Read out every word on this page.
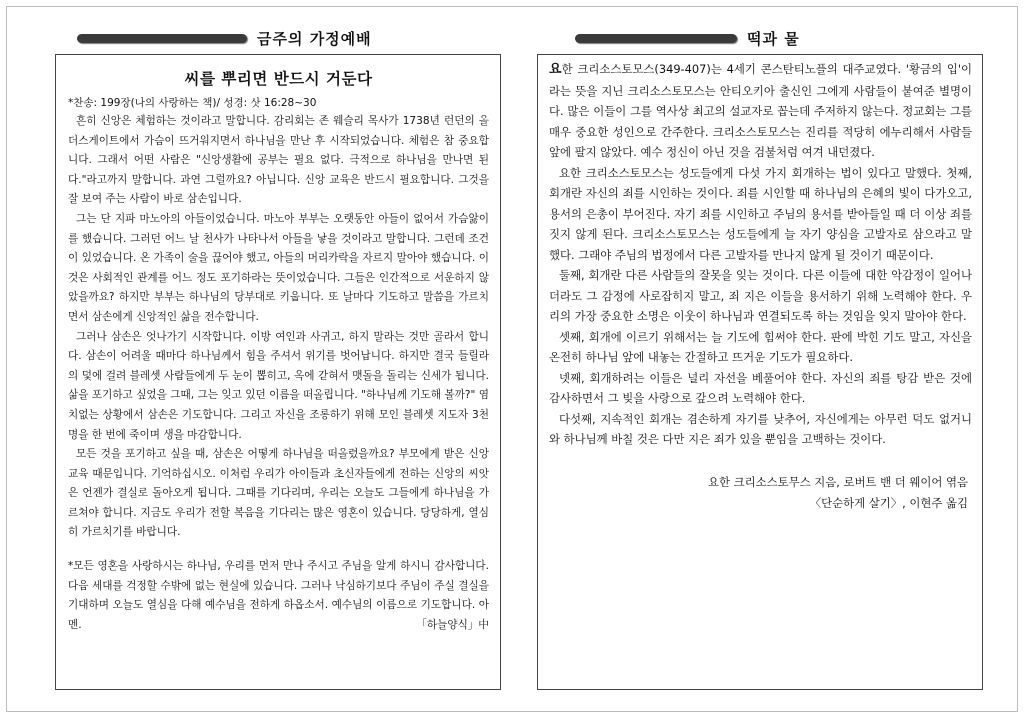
금주의 가정예배	떡과 물
씨를 뿌리면 반드시 거둔다

*찬송: 199장(나의 사랑하는 책)/ 성경: 삿 16:28~30

흔히 신앙은 체험하는 것이라고 말합니다. 감리회는 존 웨슬리 목사가 1738년 런던의 올더스게이트에서 가슴이 뜨거워지면서 하나님을 만난 후 시작되었습니다. 체험은 참 중요합니다. 그래서 어떤 사람은 "신앙생활에 공부는 필요 없다. 극적으로 하나님을 만나면 된다."라고까지 말합니다. 과연 그럴까요? 아닙니다. 신앙 교육은 반드시 필요합니다. 그것을 잘 보여 주는 사람이 바로 삼손입니다.

그는 단 지파 마노아의 아들이었습니다. 마노아 부부는 오랫동안 아들이 없어서 가슴앓이를 했습니다. 그러던 어느 날 천사가 나타나서 아들을 낳을 것이라고 말합니다. 그런데 조건이 있었습니다. 온 가족이 술을 끊어야 했고, 아들의 머리카락을 자르지 말아야 했습니다. 이것은 사회적인 관계를 어느 정도 포기하라는 뜻이었습니다. 그들은 인간적으로 서운하지 않았을까요? 하지만 부부는 하나님의 당부대로 키웁니다. 또 날마다 기도하고 말씀을 가르치면서 삼손에게 신앙적인 삶을 전수합니다.

그러나 삼손은 엇나가기 시작합니다. 이방 여인과 사귀고, 하지 말라는 것만 골라서 합니다. 삼손이 어려울 때마다 하나님께서 힘을 주셔서 위기를 벗어납니다. 하지만 결국 들릴라의 덫에 걸려 블레셋 사람들에게 두 눈이 뽑히고, 옥에 갇혀서 맷돌을 돌리는 신세가 됩니다. 삶을 포기하고 싶었을 그때, 그는 잊고 있던 이름을 떠올립니다. "하나님께 기도해 볼까?" 염치없는 상황에서 삼손은 기도합니다. 그리고 자신을 조롱하기 위해 모인 블레셋 지도자 3천 명을 한 번에 죽이며 생을 마감합니다.

모든 것을 포기하고 싶을 때, 삼손은 어떻게 하나님을 떠올렸을까요? 부모에게 받은 신앙 교육 때문입니다. 기억하십시오. 이처럼 우리가 아이들과 초신자들에게 전하는 신앙의 씨앗은 언젠가 결실로 돌아오게 됩니다. 그때를 기다리며, 우리는 오늘도 그들에게 하나님을 가르쳐야 합니다. 지금도 우리가 전할 복음을 기다리는 많은 영혼이 있습니다. 당당하게, 열심히 가르치기를 바랍니다.

*모든 영혼을 사랑하시는 하나님, 우리를 먼저 만나 주시고 주님을 알게 하시니 감사합니다. 다음 세대를 걱정할 수밖에 없는 현실에 있습니다. 그러나 낙심하기보다 주님이 주실 결실을 기대하며 오늘도 열심을 다해 예수님을 전하게 하옵소서. 예수님의 이름으로 기도합니다. 아멘.	「하늘양식」中

요한 크리소스토모스(349-407)는 4세기 콘스탄티노플의 대주교였다. '황금의 입'이라는 뜻을 지닌 크리소스토모스는 안티오키아 출신인 그에게 사람들이 붙여준 별명이다. 많은 이들이 그를 역사상 최고의 설교자로 꼽는데 주저하지 않는다. 정교회는 그를 매우 중요한 성인으로 간주한다. 크리소스토모스는 진리를 적당히 에누리해서 사람들 앞에 팔지 않았다. 예수 정신이 아닌 것을 검불처럼 여겨 내던졌다.

요한 크리소스토모스는 성도들에게 다섯 가지 회개하는 법이 있다고 말했다. 첫째, 회개란 자신의 죄를 시인하는 것이다. 죄를 시인할 때 하나님의 은혜의 빛이 다가오고, 용서의 은총이 부어진다. 자기 죄를 시인하고 주님의 용서를 받아들일 때 더 이상 죄를 짓지 않게 된다. 크리소스토모스는 성도들에게 늘 자기 양심을 고발자로 삼으라고 말했다. 그래야 주님의 법정에서 다른 고발자를 만나지 않게 될 것이기 때문이다.

둘째, 회개란 다른 사람들의 잘못을 잊는 것이다. 다른 이들에 대한 악감정이 일어나더라도 그 감정에 사로잡히지 말고, 죄 지은 이들을 용서하기 위해 노력해야 한다. 우리의 가장 중요한 소명은 이웃이 하나님과 연결되도록 하는 것임을 잊지 말아야 한다.

셋째, 회개에 이르기 위해서는 늘 기도에 힘써야 한다. 판에 박힌 기도 말고, 자신을 온전히 하나님 앞에 내놓는 간절하고 뜨거운 기도가 필요하다.

넷째, 회개하려는 이들은 널리 자선을 베풀어야 한다. 자신의 죄를 탕감 받은 것에 감사하면서 그 빚을 사랑으로 갚으려 노력해야 한다.

다섯째, 지속적인 회개는 겸손하게 자기를 낮추어, 자신에게는 아무런 덕도 없거니와 하나님께 바칠 것은 다만 지은 죄가 있을 뿐임을 고백하는 것이다.

요한 크리소스토무스 지음, 로버트 밴 더 웨이어 엮음
〈단순하게 살기〉, 이현주 옮김
